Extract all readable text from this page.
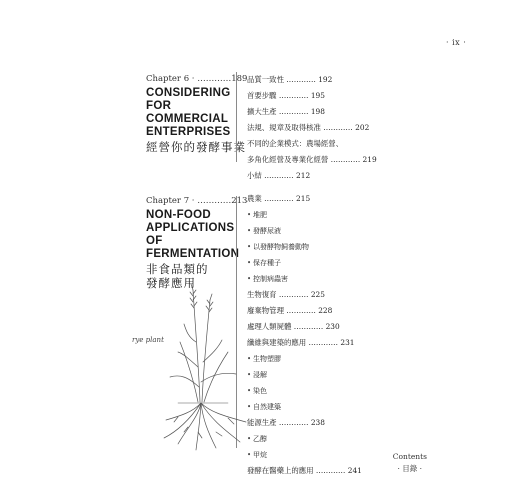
· ix ·
Chapter 6 · …………189
CONSIDERING
FOR
COMMERCIAL
ENTERPRISES
經營你的發酵事業
品質一致性 ………… 192
首要步驟 ………… 195
擴大生產 ………… 198
法規、規章及取得核准 ………… 202
不同的企業模式：農場經營、
多角化經營及專業化經營 ………… 219
小結 ………… 212
Chapter 7 · …………213
NON-FOOD
APPLICATIONS
OF
FERMENTATION
非食品類的
發酵應用
農業 ………… 215
• 堆肥
• 發酵尿液
• 以發酵物飼養動物
• 保存種子
• 控制病蟲害
生物復育 ………… 225
廢棄物管理 ………… 228
處理人類屍體 ………… 230
纖維與建築的應用 ………… 231
• 生物塑膠
• 浸解
• 染色
• 自然建築
能源生產 ………… 238
• 乙醇
• 甲烷
發酵在醫藥上的應用 ………… 241
rye plant
Contents
· 目錄 ·
